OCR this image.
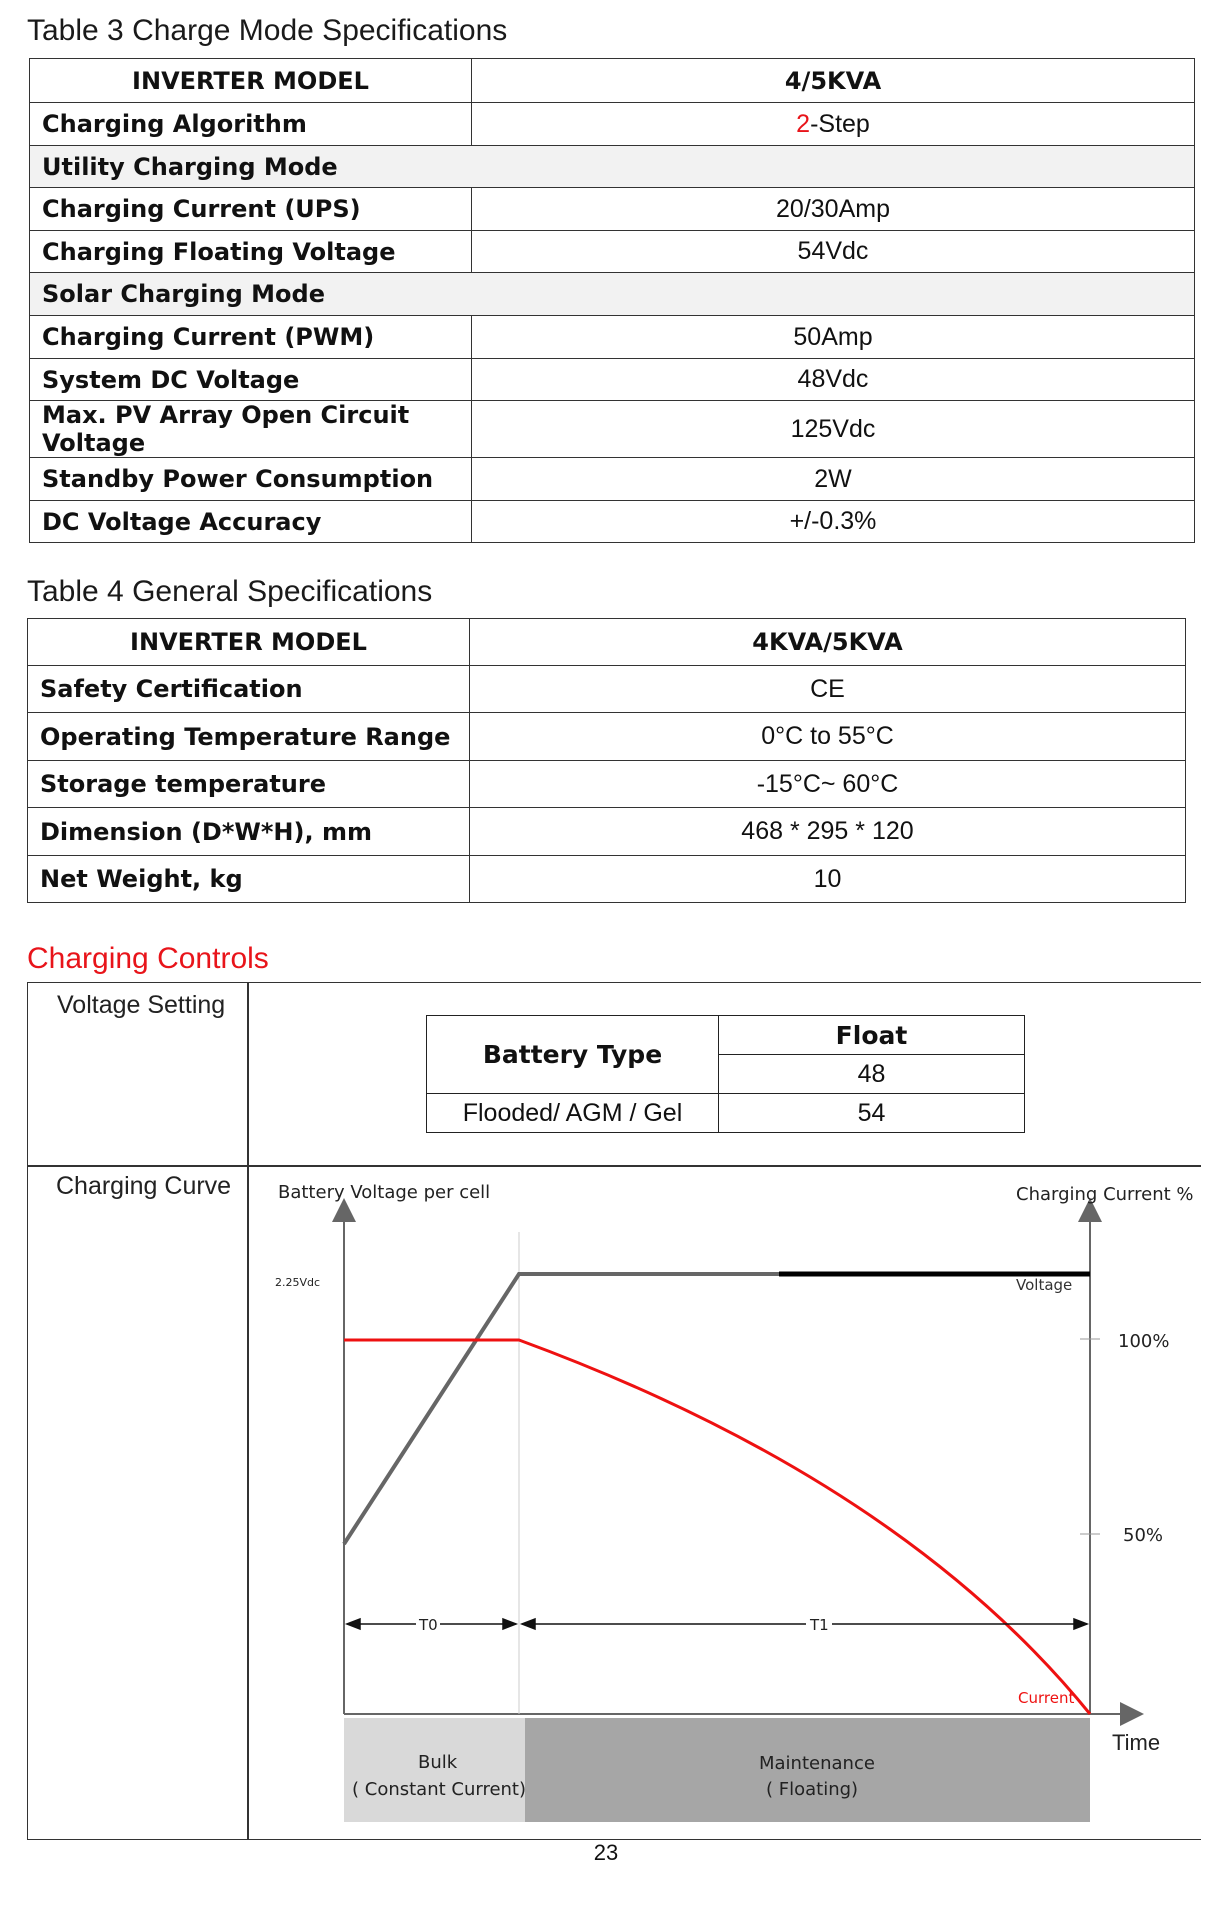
Table 3 Charge Mode Specifications
INVERTER MODEL	4/5KVA
Charging Algorithm	2-Step
Utility Charging Mode	
Charging Current (UPS)	20/30Amp
Charging Floating Voltage	54Vdc
Solar Charging Mode	
Charging Current (PWM)	50Amp
System DC Voltage	48Vdc
Max. PV Array Open Circuit Voltage	125Vdc
Standby Power Consumption	2W
DC Voltage Accuracy	+/-0.3%
Table 4 General Specifications
INVERTER MODEL	4KVA/5KVA
Safety Certification	CE
Operating Temperature Range	0°C to 55°C
Storage temperature	-15°C~ 60°C
Dimension (D*W*H), mm	468 * 295 * 120
Net Weight, kg	10
Charging Controls
Voltage Setting
Charging Curve
Battery Type	Float
	48
Flooded/ AGM / Gel	54
Battery Voltage per cell	Charging Current %
2.25Vdc	Voltage
Current
100%
50%
T0	T1
Time
Bulk
( Constant Current)
Maintenance
( Floating)
23
